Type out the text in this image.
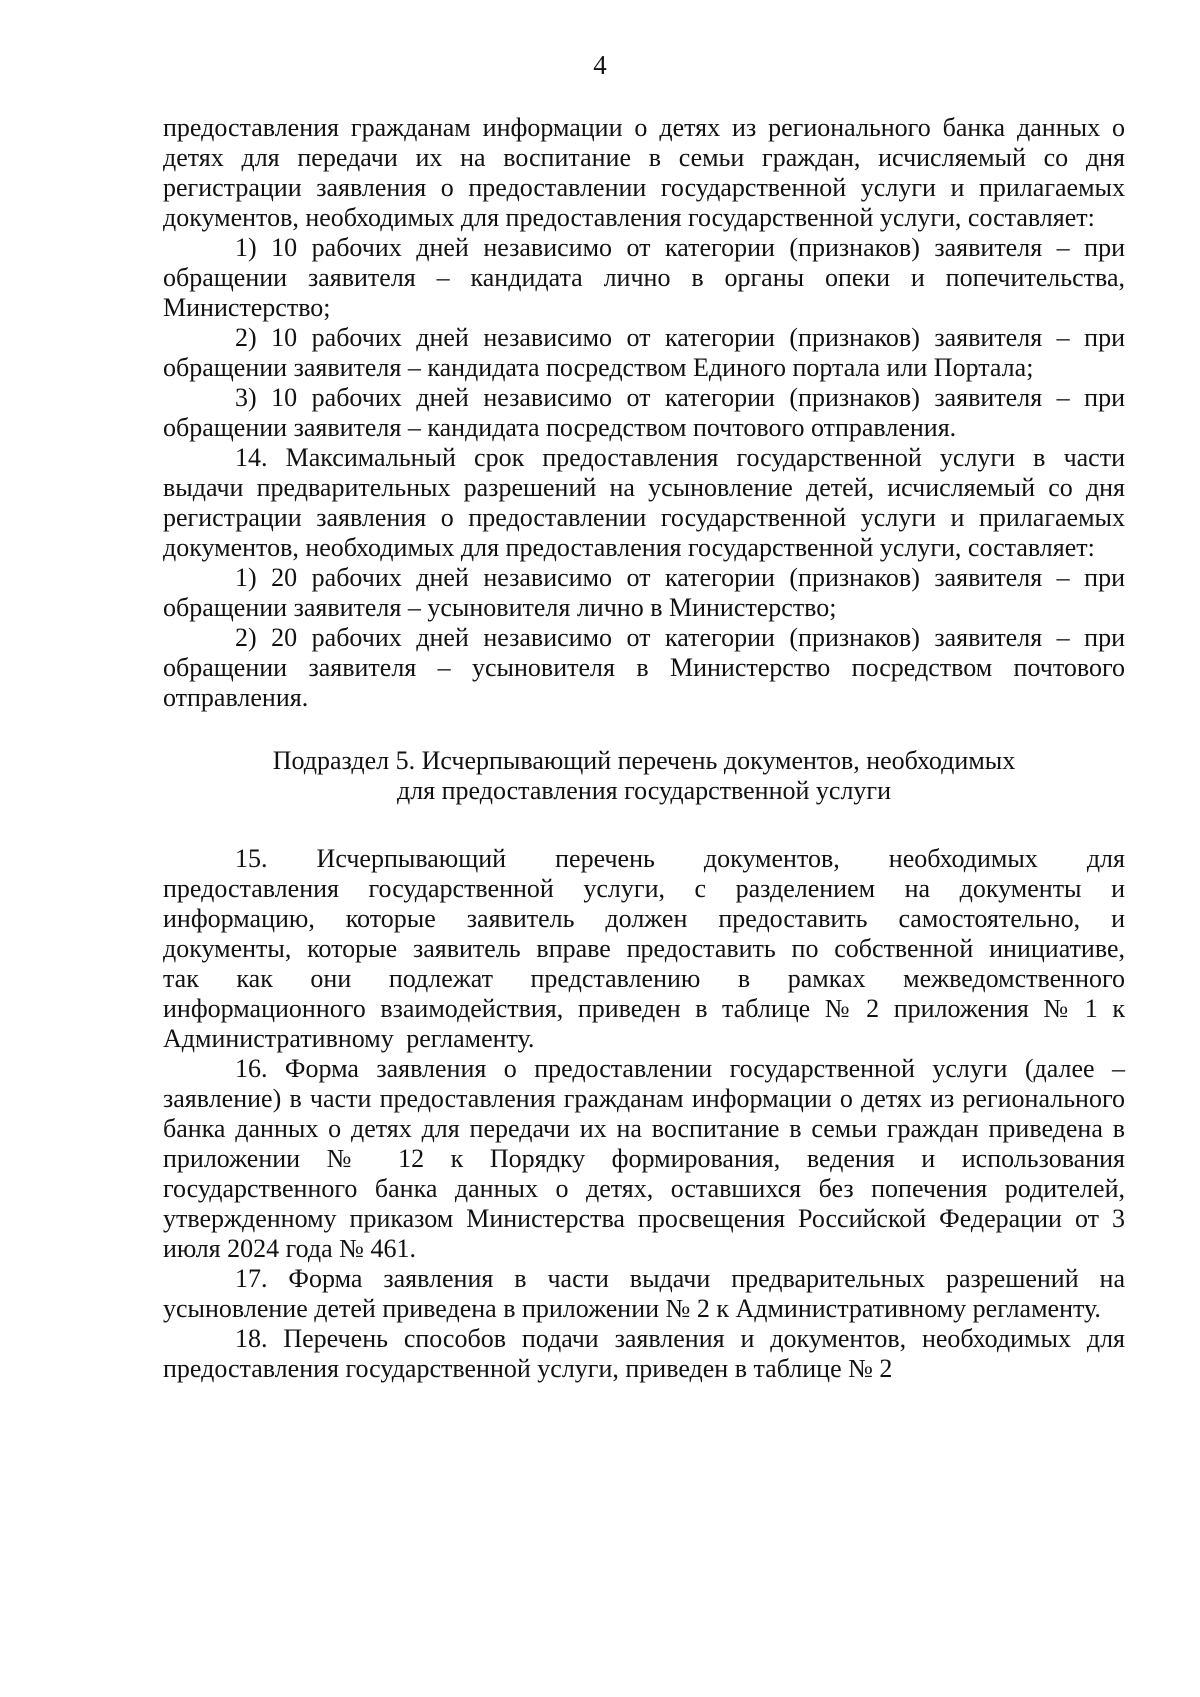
4

предоставления гражданам информации о детях из регионального банка данных о детях для передачи их на воспитание в семьи граждан, исчисляемый со дня регистрации заявления о предоставлении государственной услуги и прилагаемых документов, необходимых для предоставления государственной услуги, составляет:

1) 10 рабочих дней независимо от категории (признаков) заявителя – при обращении заявителя – кандидата лично в органы опеки и попечительства, Министерство;

2) 10 рабочих дней независимо от категории (признаков) заявителя – при обращении заявителя – кандидата посредством Единого портала или Портала;

3) 10 рабочих дней независимо от категории (признаков) заявителя – при обращении заявителя – кандидата посредством почтового отправления.

14. Максимальный срок предоставления государственной услуги в части выдачи предварительных разрешений на усыновление детей, исчисляемый со дня регистрации заявления о предоставлении государственной услуги и прилагаемых документов, необходимых для предоставления государственной услуги, составляет:

1) 20 рабочих дней независимо от категории (признаков) заявителя – при обращении заявителя – усыновителя лично в Министерство;

2) 20 рабочих дней независимо от категории (признаков) заявителя – при обращении заявителя – усыновителя в Министерство посредством почтового отправления.

Подраздел 5. Исчерпывающий перечень документов, необходимых
для предоставления государственной услуги

15. Исчерпывающий перечень документов, необходимых для предоставления государственной услуги, с разделением на документы и информацию, которые заявитель должен предоставить самостоятельно, и документы, которые заявитель вправе предоставить по собственной инициативе, так как они подлежат представлению в рамках межведомственного информационного взаимодействия, приведен в таблице № 2 приложения № 1 к Административному регламенту.

16. Форма заявления о предоставлении государственной услуги (далее – заявление) в части предоставления гражданам информации о детях из регионального банка данных о детях для передачи их на воспитание в семьи граждан приведена в приложении № 12 к Порядку формирования, ведения и использования государственного банка данных о детях, оставшихся без попечения родителей, утвержденному приказом Министерства просвещения Российской Федерации от 3 июля 2024 года № 461.

17. Форма заявления в части выдачи предварительных разрешений на усыновление детей приведена в приложении № 2 к Административному регламенту.

18. Перечень способов подачи заявления и документов, необходимых для предоставления государственной услуги, приведен в таблице № 2
